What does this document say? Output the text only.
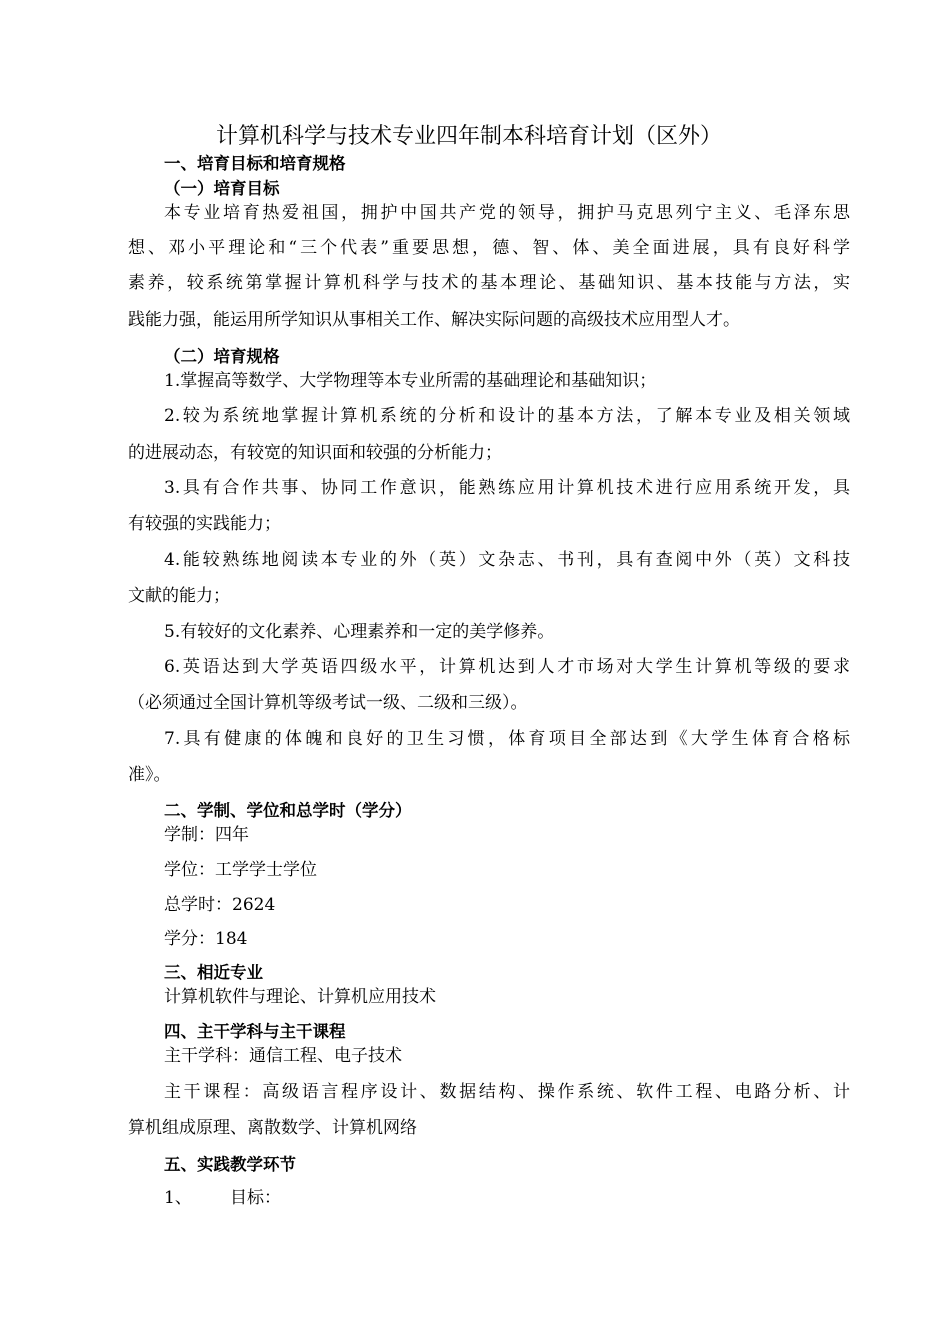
计算机科学与技术专业四年制本科培育计划（区外）
一、培育目标和培育规格
（一）培育目标
本专业培育热爱祖国，拥护中国共产党的领导，拥护马克思列宁主义、毛泽东思
想、邓小平理论和“三个代表”重要思想，德、智、体、美全面进展，具有良好科学
素养，较系统第掌握计算机科学与技术的基本理论、基础知识、基本技能与方法，实
践能力强，能运用所学知识从事相关工作、解决实际问题的高级技术应用型人才。
（二）培育规格
1.掌握高等数学、大学物理等本专业所需的基础理论和基础知识；
2.较为系统地掌握计算机系统的分析和设计的基本方法，了解本专业及相关领域
的进展动态，有较宽的知识面和较强的分析能力；
3.具有合作共事、协同工作意识，能熟练应用计算机技术进行应用系统开发，具
有较强的实践能力；
4.能较熟练地阅读本专业的外（英）文杂志、书刊，具有查阅中外（英）文科技
文献的能力；
5.有较好的文化素养、心理素养和一定的美学修养。
6.英语达到大学英语四级水平，计算机达到人才市场对大学生计算机等级的要求
（必须通过全国计算机等级考试一级、二级和三级）。
7.具有健康的体魄和良好的卫生习惯，体育项目全部达到《大学生体育合格标
准》。
二、学制、学位和总学时（学分）
学制：四年
学位：工学学士学位
总学时：2624
学分：184
三、相近专业
计算机软件与理论、计算机应用技术
四、主干学科与主干课程
主干学科：通信工程、电子技术
主干课程：高级语言程序设计、数据结构、操作系统、软件工程、电路分析、计
算机组成原理、离散数学、计算机网络
五、实践教学环节
1、 目标：
